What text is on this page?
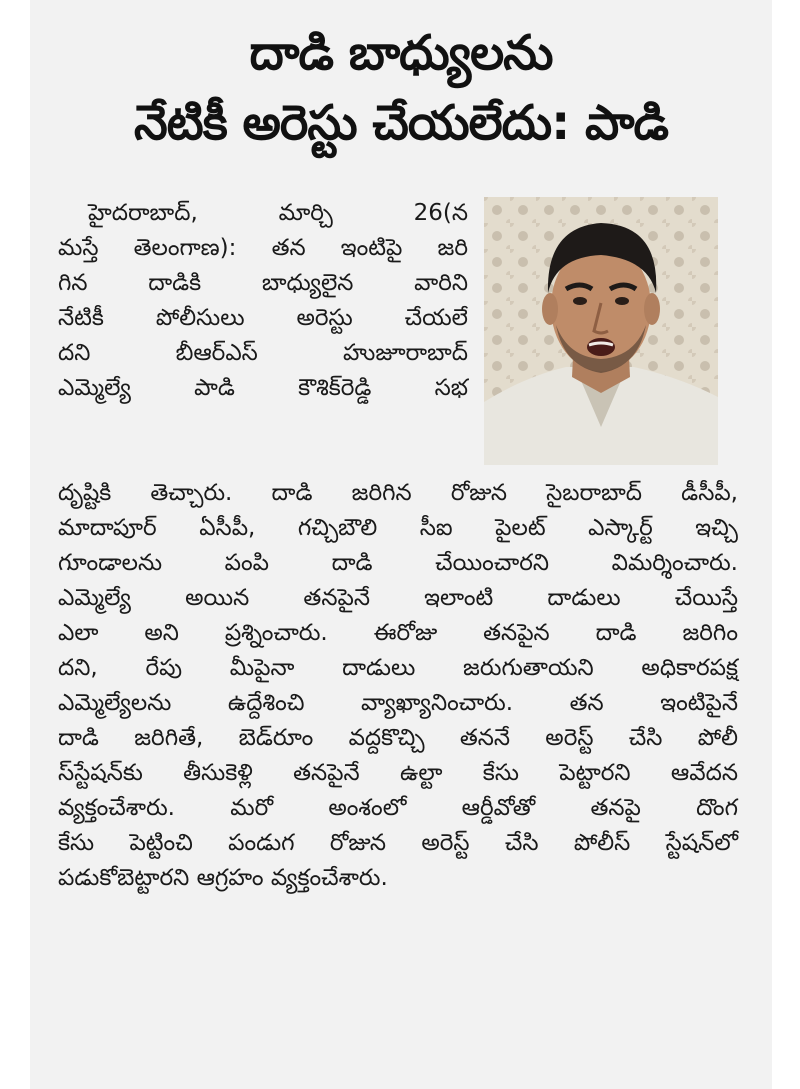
దాడి బాధ్యులను
నేటికీ అరెస్టు చేయలేదు: పాడి
హైదరాబాద్‌, మార్చి 26(న
మస్తే తెలంగాణ): తన ఇంటిపై జరి
గిన దాడికి బాధ్యులైన వారిని
నేటికీ పోలీసులు అరెస్టు చేయలే
దని బీఆర్‌ఎస్‌ హుజూరాబాద్‌
ఎమ్మెల్యే పాడి కౌశిక్‌రెడ్డి సభ
దృష్టికి తెచ్చారు. దాడి జరిగిన రోజున సైబరాబాద్‌ డీసీపీ,
మాదాపూర్‌ ఏసీపీ, గచ్చిబౌలి సీఐ పైలట్‌ ఎస్కార్ట్‌ ఇచ్చి
గూండాలను పంపి దాడి చేయించారని విమర్శించారు.
ఎమ్మెల్యే అయిన తనపైనే ఇలాంటి దాడులు చేయిస్తే
ఎలా అని ప్రశ్నించారు. ఈరోజు తనపైన దాడి జరిగిం
దని, రేపు మీపైనా దాడులు జరుగుతాయని అధికారపక్ష
ఎమ్మెల్యేలను ఉద్దేశించి వ్యాఖ్యానించారు. తన ఇంటిపైనే
దాడి జరిగితే, బెడ్‌రూం వద్దకొచ్చి తననే అరెస్ట్‌ చేసి పోలీ
స్‌స్టేషన్‌కు తీసుకెళ్లి తనపైనే ఉల్టా కేసు పెట్టారని ఆవేదన
వ్యక్తంచేశారు. మరో అంశంలో ఆర్డీవోతో తనపై దొంగ
కేసు పెట్టించి పండుగ రోజున అరెస్ట్‌ చేసి పోలీస్‌ స్టేషన్‌లో
పడుకోబెట్టారని ఆగ్రహం వ్యక్తంచేశారు.
